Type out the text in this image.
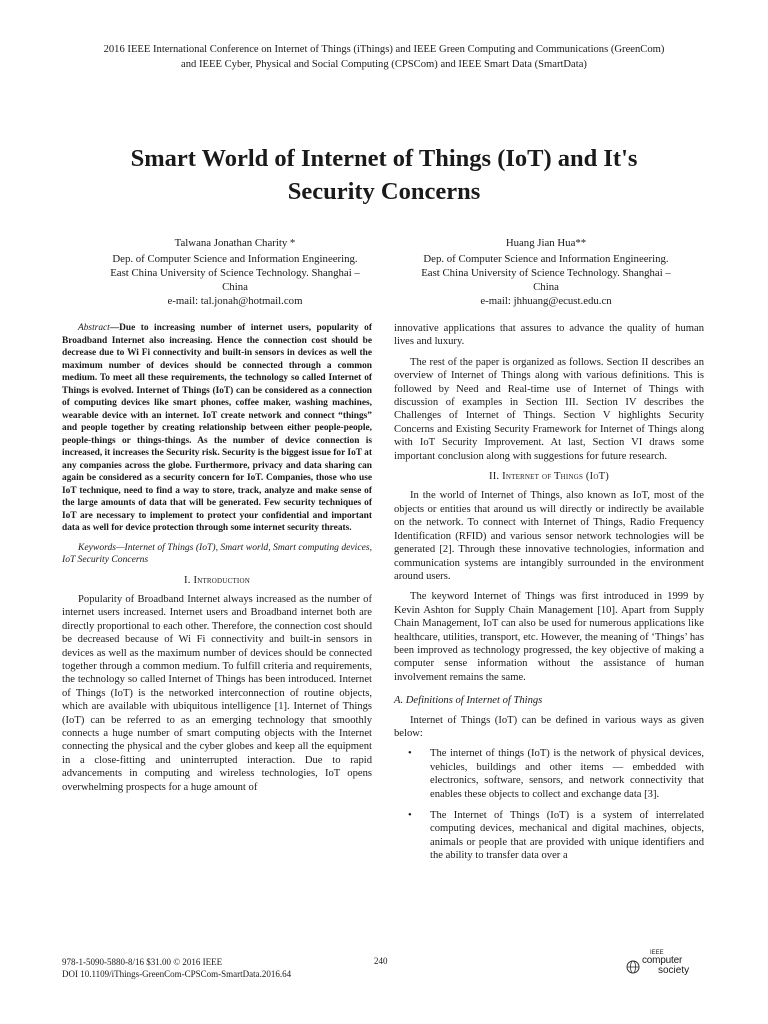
2016 IEEE International Conference on Internet of Things (iThings) and IEEE Green Computing and Communications (GreenCom)
and IEEE Cyber, Physical and Social Computing (CPSCom) and IEEE Smart Data (SmartData)
Smart World of Internet of Things (IoT) and It's
Security Concerns
Talwana Jonathan Charity *
Dep. of Computer Science and Information Engineering.
East China University of Science Technology. Shanghai –
China
e-mail: tal.jonah@hotmail.com
Huang Jian Hua**
Dep. of Computer Science and Information Engineering.
East China University of Science Technology. Shanghai –
China
e-mail: jhhuang@ecust.edu.cn

Abstract—Due to increasing number of internet users, popularity of Broadband Internet also increasing. Hence the connection cost should be decrease due to Wi Fi connectivity and built-in sensors in devices as well the maximum number of devices should be connected through a common medium. To meet all these requirements, the technology so called Internet of Things is evolved. Internet of Things (IoT) can be considered as a connection of computing devices like smart phones, coffee maker, washing machines, wearable device with an internet. IoT create network and connect “things” and people together by creating relationship between either people-people, people-things or things-things. As the number of device connection is increased, it increases the Security risk. Security is the biggest issue for IoT at any companies across the globe. Furthermore, privacy and data sharing can again be considered as a security concern for IoT. Companies, those who use IoT technique, need to find a way to store, track, analyze and make sense of the large amounts of data that will be generated. Few security techniques of IoT are necessary to implement to protect your confidential and important data as well for device protection through some internet security threats.

Keywords—Internet of Things (IoT), Smart world, Smart computing devices, IoT Security Concerns

I. Introduction

Popularity of Broadband Internet always increased as the number of internet users increased. Internet users and Broadband internet both are directly proportional to each other. Therefore, the connection cost should be decreased because of Wi Fi connectivity and built-in sensors in devices as well as the maximum number of devices should be connected together through a common medium. To fulfill criteria and requirements, the technology so called Internet of Things has been introduced. Internet of Things (IoT) is the networked interconnection of routine objects, which are available with ubiquitous intelligence [1]. Internet of Things (IoT) can be referred to as an emerging technology that smoothly connects a huge number of smart computing objects with the Internet connecting the physical and the cyber globes and keep all the equipment in a close-fitting and uninterrupted interaction. Due to rapid advancements in computing and wireless technologies, IoT opens overwhelming prospects for a huge amount of

innovative applications that assures to advance the quality of human lives and luxury.

The rest of the paper is organized as follows. Section II describes an overview of Internet of Things along with various definitions. This is followed by Need and Real-time use of Internet of Things with discussion of examples in Section III. Section IV describes the Challenges of Internet of Things. Section V highlights Security Concerns and Existing Security Framework for Internet of Things along with IoT Security Improvement. At last, Section VI draws some important conclusion along with suggestions for future research.

II. Internet of Things (IoT)

In the world of Internet of Things, also known as IoT, most of the objects or entities that around us will directly or indirectly be available on the network. To connect with Internet of Things, Radio Frequency Identification (RFID) and various sensor network technologies will be generated [2]. Through these innovative technologies, information and communication systems are intangibly surrounded in the environment around users.

The keyword Internet of Things was first introduced in 1999 by Kevin Ashton for Supply Chain Management [10]. Apart from Supply Chain Management, IoT can also be used for numerous applications like healthcare, utilities, transport, etc. However, the meaning of ‘Things’ has been improved as technology progressed, the key objective of making a computer sense information without the assistance of human involvement remains the same.

A. Definitions of Internet of Things

Internet of Things (IoT) can be defined in various ways as given below:

• The internet of things (IoT) is the network of physical devices, vehicles, buildings and other items — embedded with electronics, software, sensors, and network connectivity that enables these objects to collect and exchange data [3].
• The Internet of Things (IoT) is a system of interrelated computing devices, mechanical and digital machines, objects, animals or people that are provided with unique identifiers and the ability to transfer data over a
978-1-5090-5880-8/16 $31.00 © 2016 IEEE
DOI 10.1109/iThings-GreenCom-CPSCom-SmartData.2016.64
240
IEEE
computer
society
